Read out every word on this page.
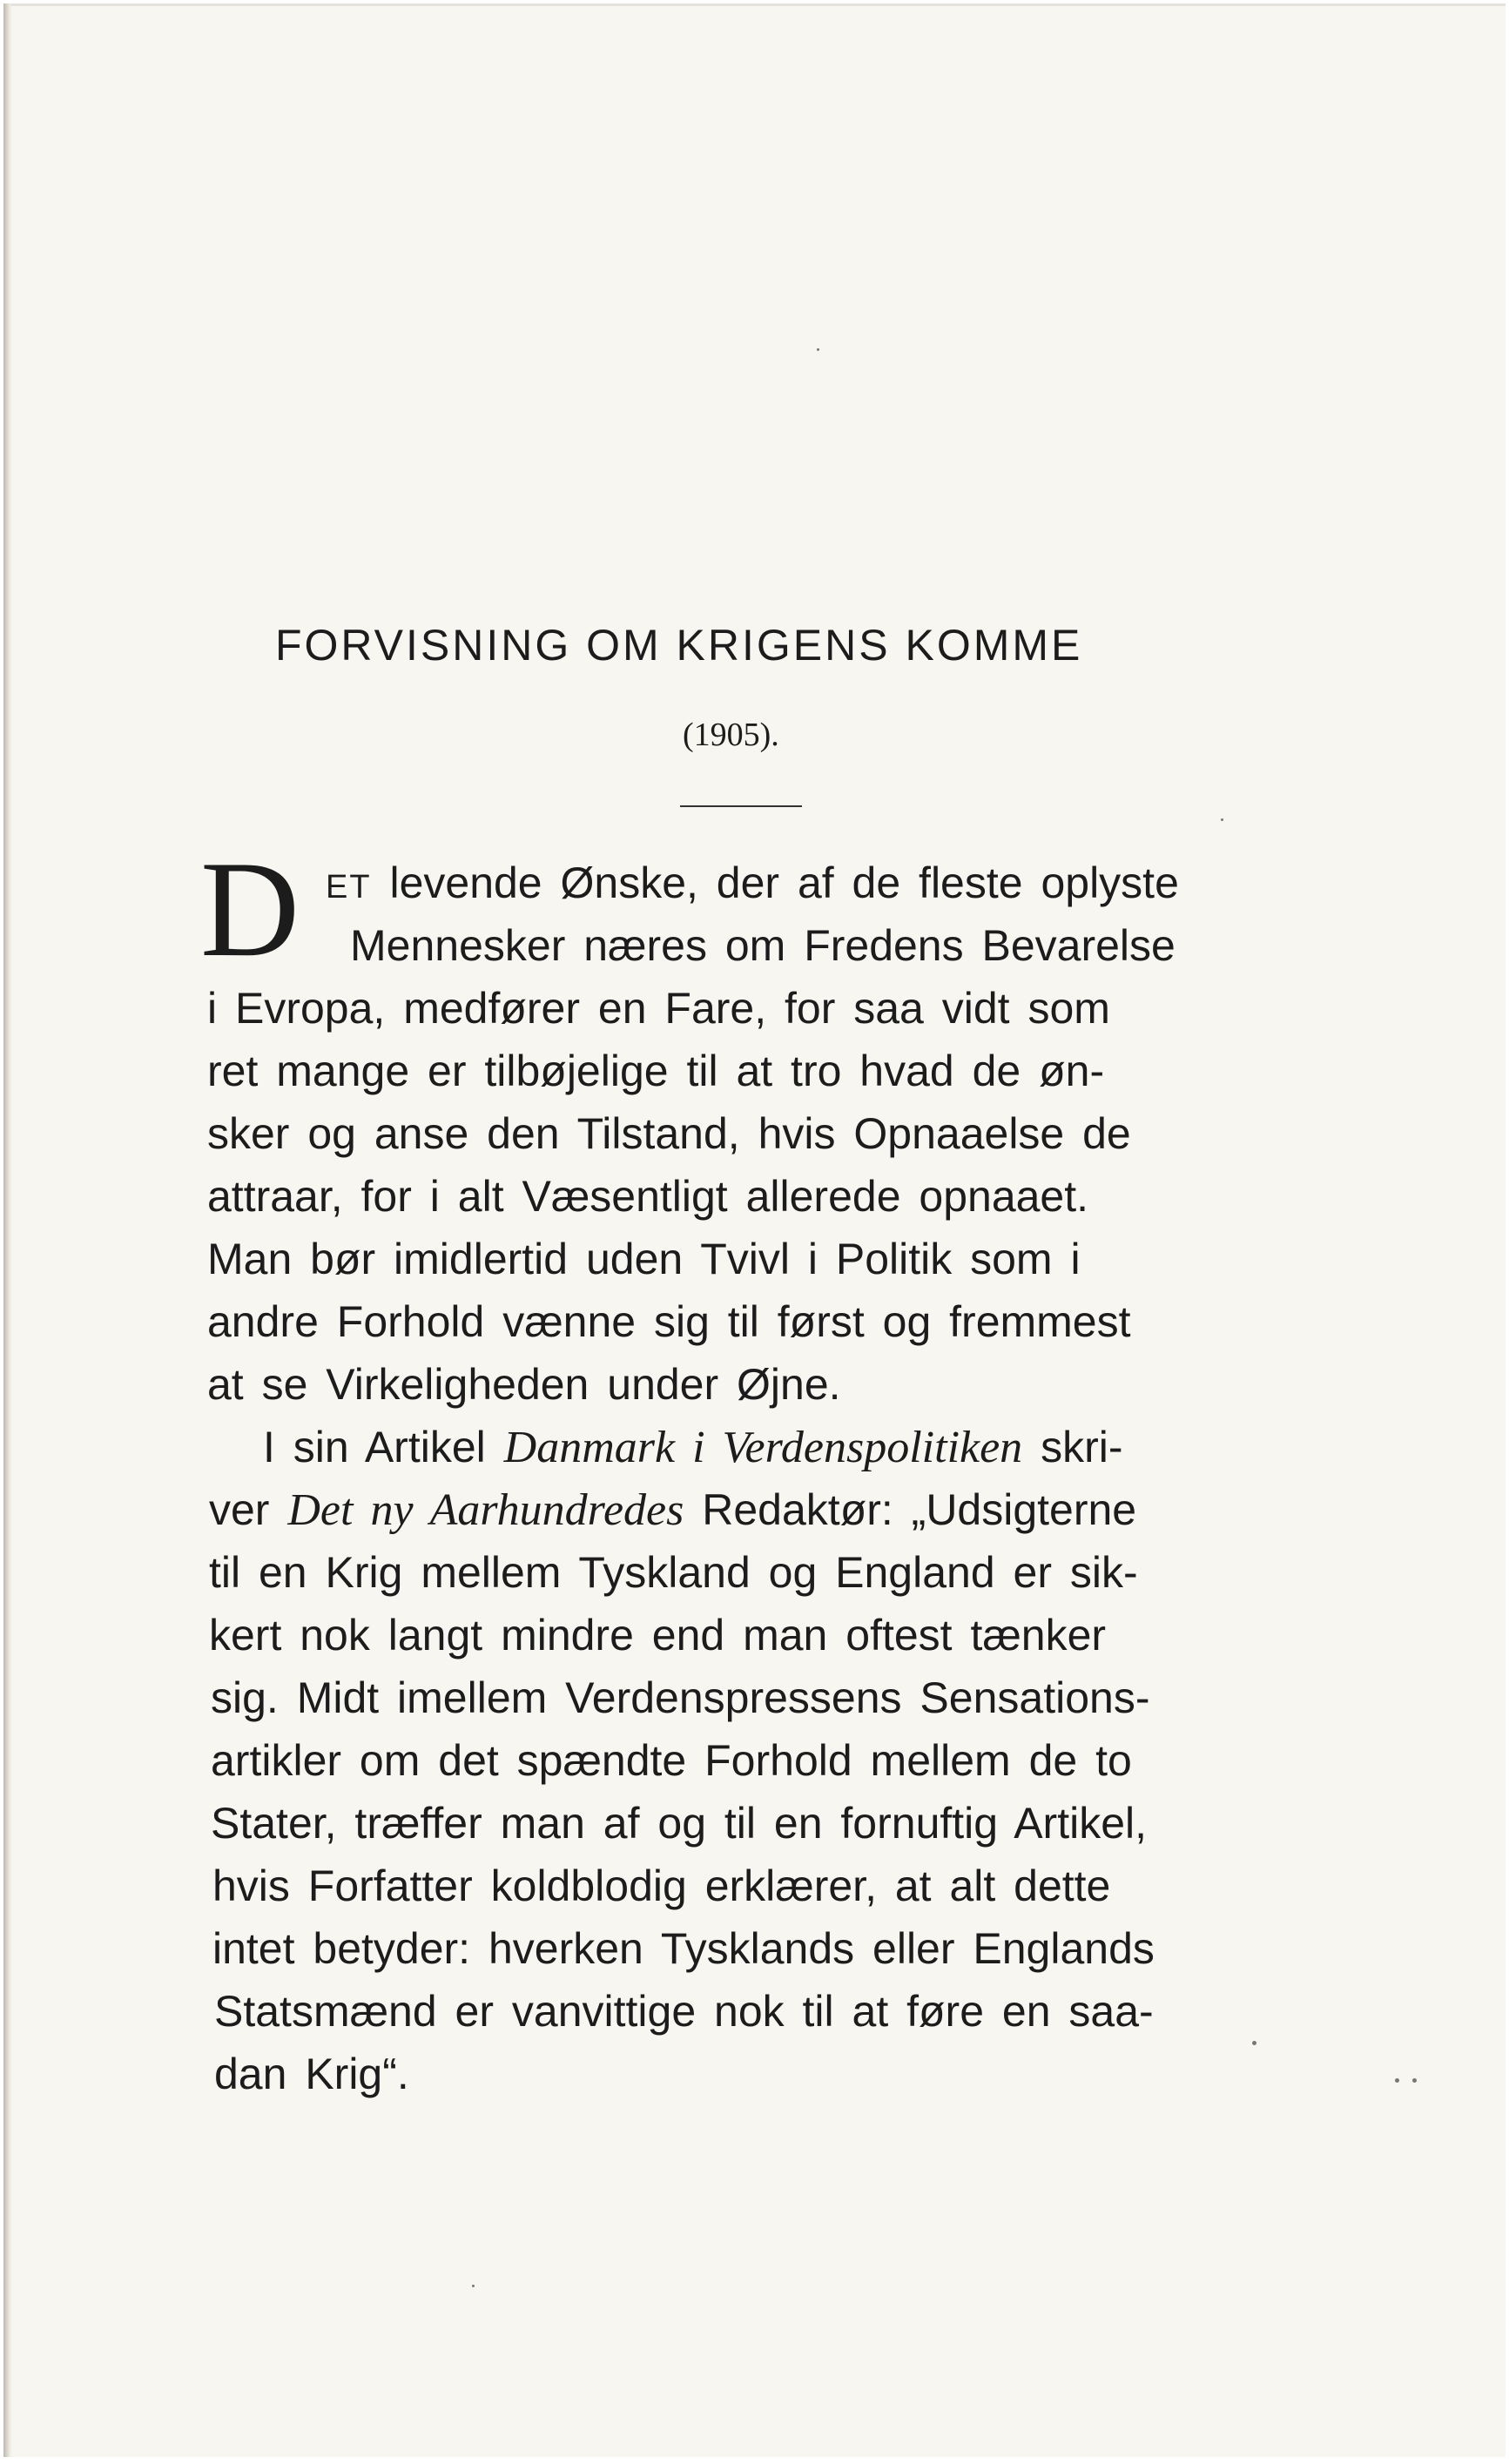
FORVISNING OM KRIGENS KOMME
(1905).
D ET levende Ønske, der af de fleste oplyste
Mennesker næres om Fredens Bevarelse
i Evropa, medfører en Fare, for saa vidt som
ret mange er tilbøjelige til at tro hvad de øn-
sker og anse den Tilstand, hvis Opnaaelse de
attraar, for i alt Væsentligt allerede opnaaet.
Man bør imidlertid uden Tvivl i Politik som i
andre Forhold vænne sig til først og fremmest
at se Virkeligheden under Øjne.
I sin Artikel Danmark i Verdenspolitiken skri-
ver Det ny Aarhundredes Redaktør: „Udsigterne
til en Krig mellem Tyskland og England er sik-
kert nok langt mindre end man oftest tænker
sig. Midt imellem Verdenspressens Sensations-
artikler om det spændte Forhold mellem de to
Stater, træffer man af og til en fornuftig Artikel,
hvis Forfatter koldblodig erklærer, at alt dette
intet betyder: hverken Tysklands eller Englands
Statsmænd er vanvittige nok til at føre en saa-
dan Krig“.
